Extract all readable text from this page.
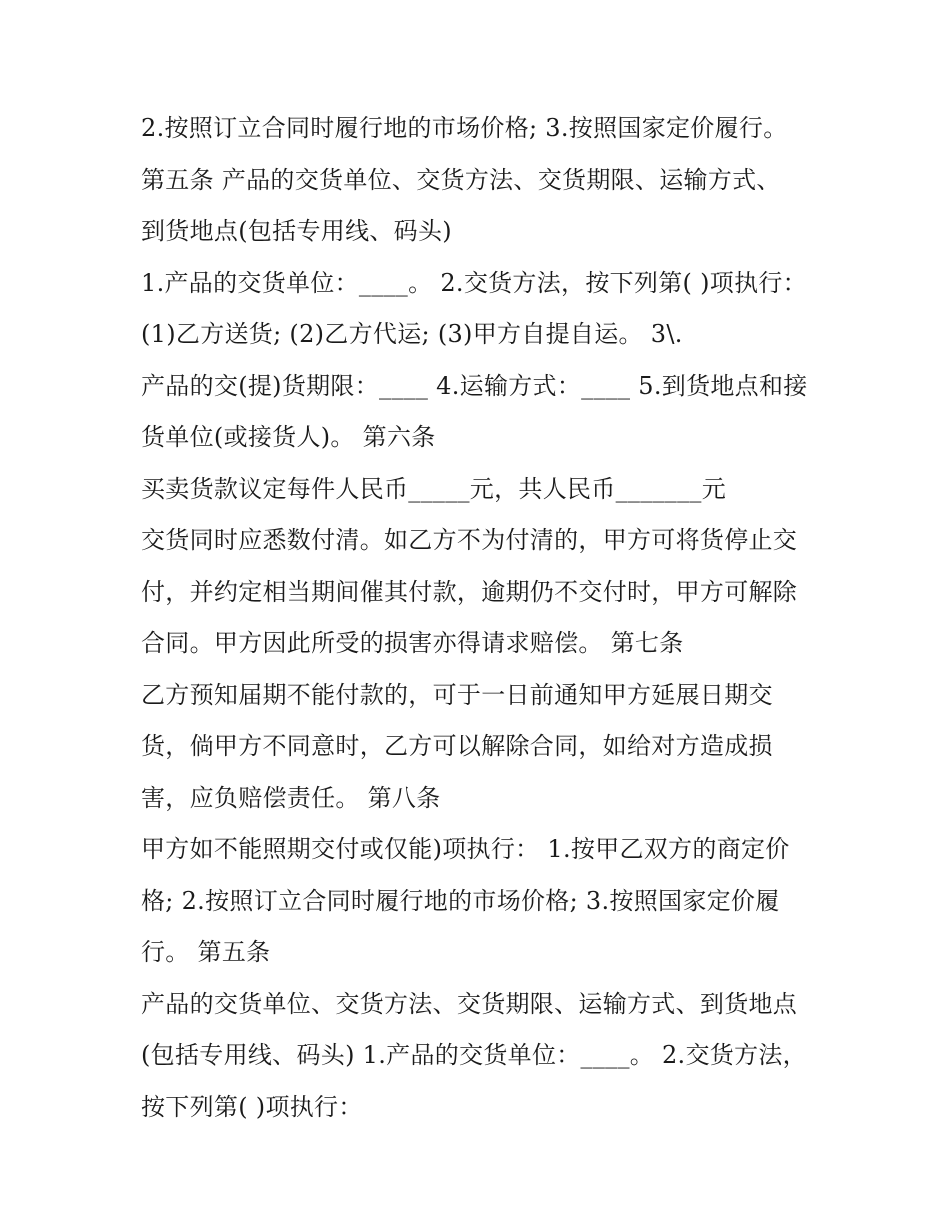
2.按照订立合同时履行地的市场价格; 3.按照国家定价履行。
第五条 产品的交货单位、交货方法、交货期限、运输方式、
到货地点(包括专用线、码头)
1.产品的交货单位：____。 2.交货方法，按下列第( )项执行：
(1)乙方送货; (2)乙方代运; (3)甲方自提自运。 3\.
产品的交(提)货期限：____ 4.运输方式：____ 5.到货地点和接
货单位(或接货人)。 第六条
买卖货款议定每件人民币_____元，共人民币_______元
交货同时应悉数付清。如乙方不为付清的，甲方可将货停止交
付，并约定相当期间催其付款，逾期仍不交付时，甲方可解除
合同。甲方因此所受的损害亦得请求赔偿。 第七条
乙方预知届期不能付款的，可于一日前通知甲方延展日期交
货，倘甲方不同意时，乙方可以解除合同，如给对方造成损
害，应负赔偿责任。 第八条
甲方如不能照期交付或仅能)项执行： 1.按甲乙双方的商定价
格; 2.按照订立合同时履行地的市场价格; 3.按照国家定价履
行。 第五条
产品的交货单位、交货方法、交货期限、运输方式、到货地点
(包括专用线、码头) 1.产品的交货单位：____。 2.交货方法，
按下列第( )项执行：
